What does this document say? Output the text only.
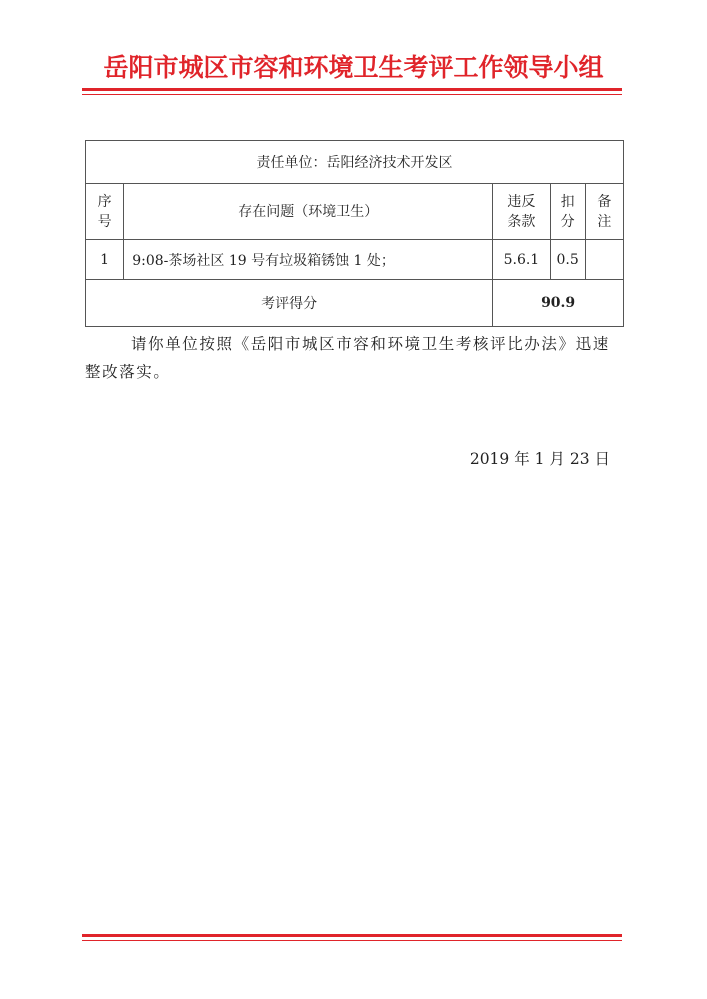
岳阳市城区市容和环境卫生考评工作领导小组
责任单位：岳阳经济技术开发区				
序号	存在问题（环境卫生）	违反条款	扣分	备注
1	9:08-茶场社区 19 号有垃圾箱锈蚀 1 处；	5.6.1	0.5	
考评得分		90.9		
请你单位按照《岳阳市城区市容和环境卫生考核评比办法》迅速整改落实。
2019 年 1 月 23 日
